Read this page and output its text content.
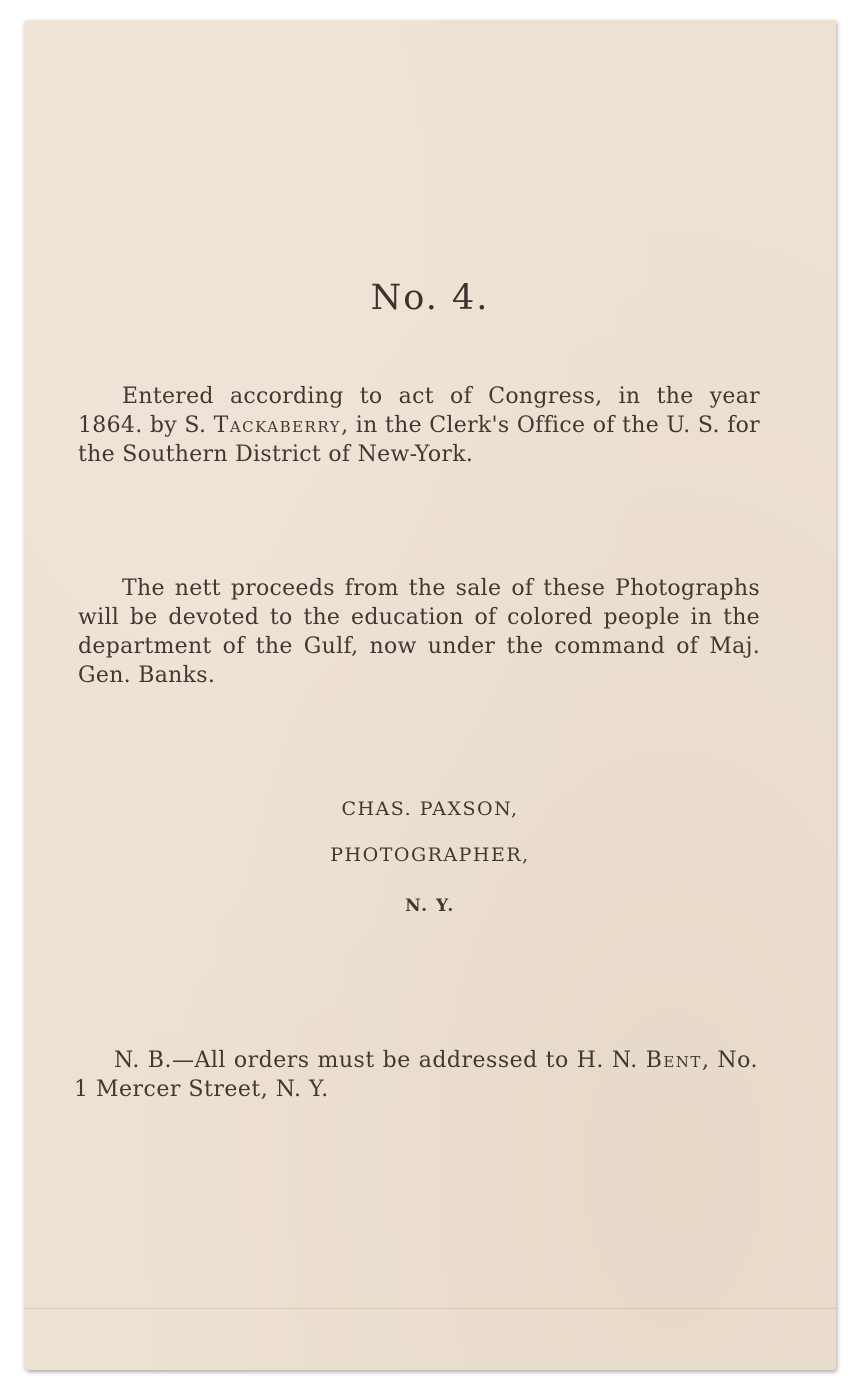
No. 4.

Entered according to act of Congress, in the year 1864. by S. Tackaberry, in the Clerk's Office of the U. S. for the Southern District of New-York.

The nett proceeds from the sale of these Photographs will be devoted to the education of colored people in the department of the Gulf, now under the command of Maj. Gen. Banks.

CHAS. PAXSON,

PHOTOGRAPHER,

N. Y.

N. B.—All orders must be addressed to H. N. Bent, No. 1 Mercer Street, N. Y.
